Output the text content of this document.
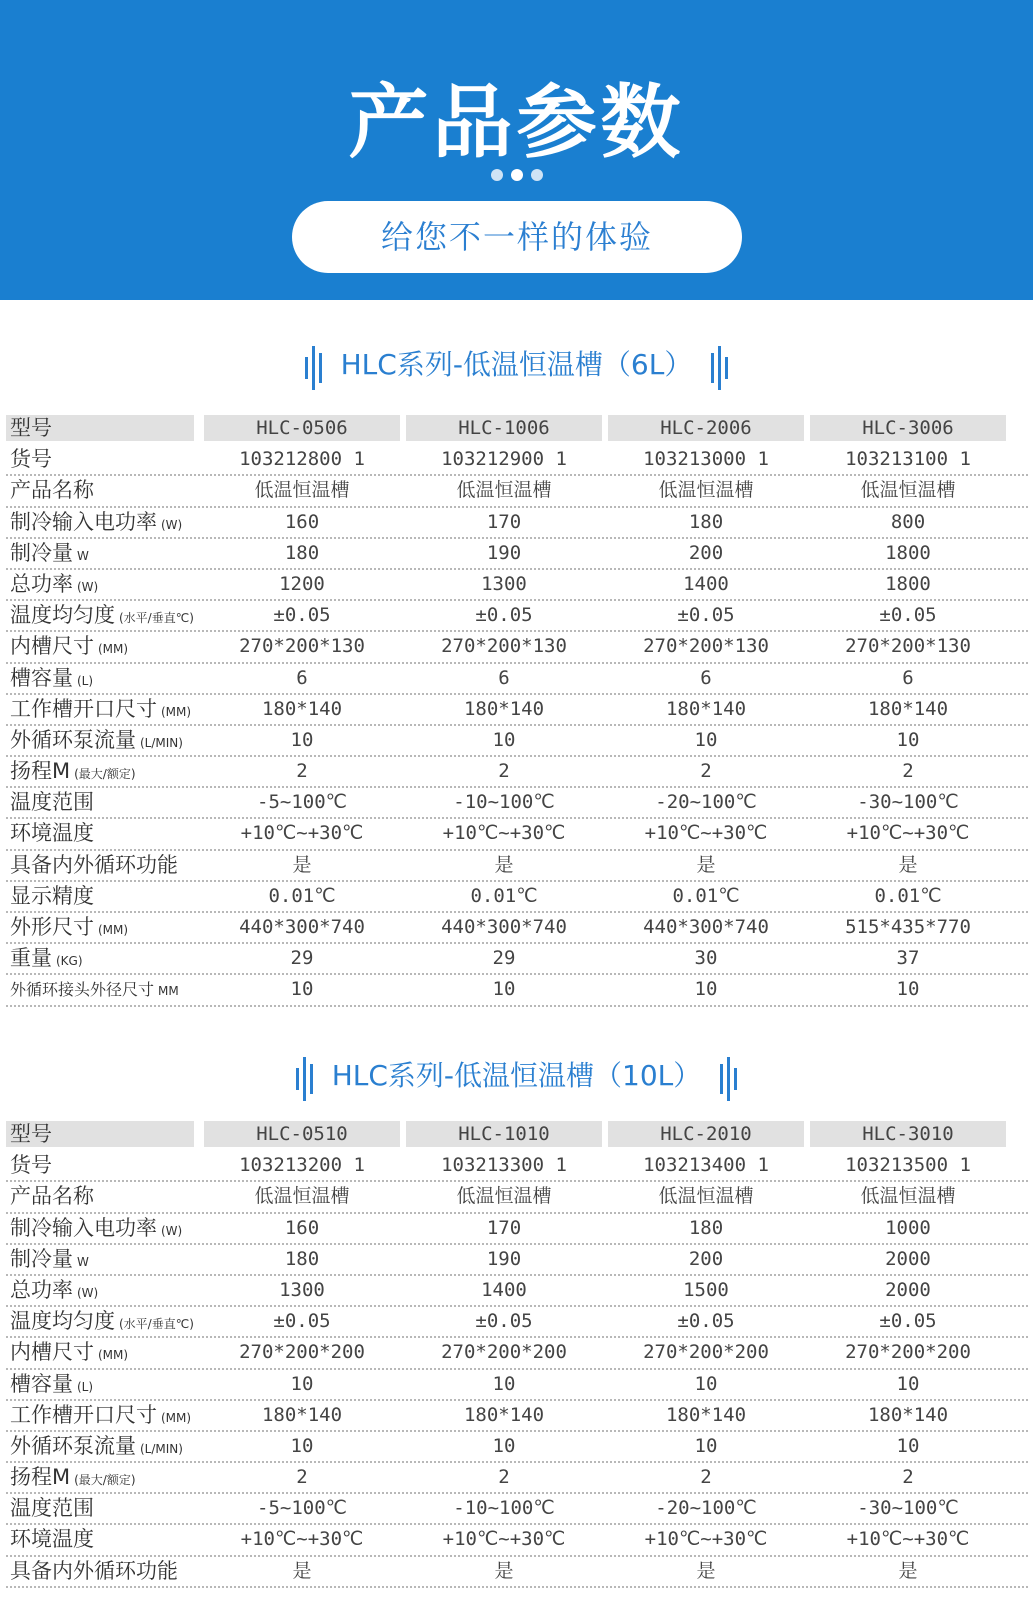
产品参数
给您不一样的体验
HLC系列-低温恒温槽（6L）
型号	HLC-0506	HLC-1006	HLC-2006	HLC-3006
货号	103212800 1	103212900 1	103213000 1	103213100 1
产品名称	低温恒温槽	低温恒温槽	低温恒温槽	低温恒温槽
制冷输入电功率 (W)	160	170	180	800
制冷量 W	180	190	200	1800
总功率 (W)	1200	1300	1400	1800
温度均匀度 (水平/垂直℃)	±0.05	±0.05	±0.05	±0.05
内槽尺寸 (MM)	270*200*130	270*200*130	270*200*130	270*200*130
槽容量 (L)	6	6	6	6
工作槽开口尺寸 (MM)	180*140	180*140	180*140	180*140
外循环泵流量 (L/MIN)	10	10	10	10
扬程M (最大/额定)	2	2	2	2
温度范围	-5~100℃	-10~100℃	-20~100℃	-30~100℃
环境温度	+10℃~+30℃	+10℃~+30℃	+10℃~+30℃	+10℃~+30℃
具备内外循环功能	是	是	是	是
显示精度	0.01℃	0.01℃	0.01℃	0.01℃
外形尺寸 (MM)	440*300*740	440*300*740	440*300*740	515*435*770
重量 (KG)	29	29	30	37
外循环接头外径尺寸 MM	10	10	10	10
HLC系列-低温恒温槽（10L）
型号	HLC-0510	HLC-1010	HLC-2010	HLC-3010
货号	103213200 1	103213300 1	103213400 1	103213500 1
产品名称	低温恒温槽	低温恒温槽	低温恒温槽	低温恒温槽
制冷输入电功率 (W)	160	170	180	1000
制冷量 W	180	190	200	2000
总功率 (W)	1300	1400	1500	2000
温度均匀度 (水平/垂直℃)	±0.05	±0.05	±0.05	±0.05
内槽尺寸 (MM)	270*200*200	270*200*200	270*200*200	270*200*200
槽容量 (L)	10	10	10	10
工作槽开口尺寸 (MM)	180*140	180*140	180*140	180*140
外循环泵流量 (L/MIN)	10	10	10	10
扬程M (最大/额定)	2	2	2	2
温度范围	-5~100℃	-10~100℃	-20~100℃	-30~100℃
环境温度	+10℃~+30℃	+10℃~+30℃	+10℃~+30℃	+10℃~+30℃
具备内外循环功能	是	是	是	是
